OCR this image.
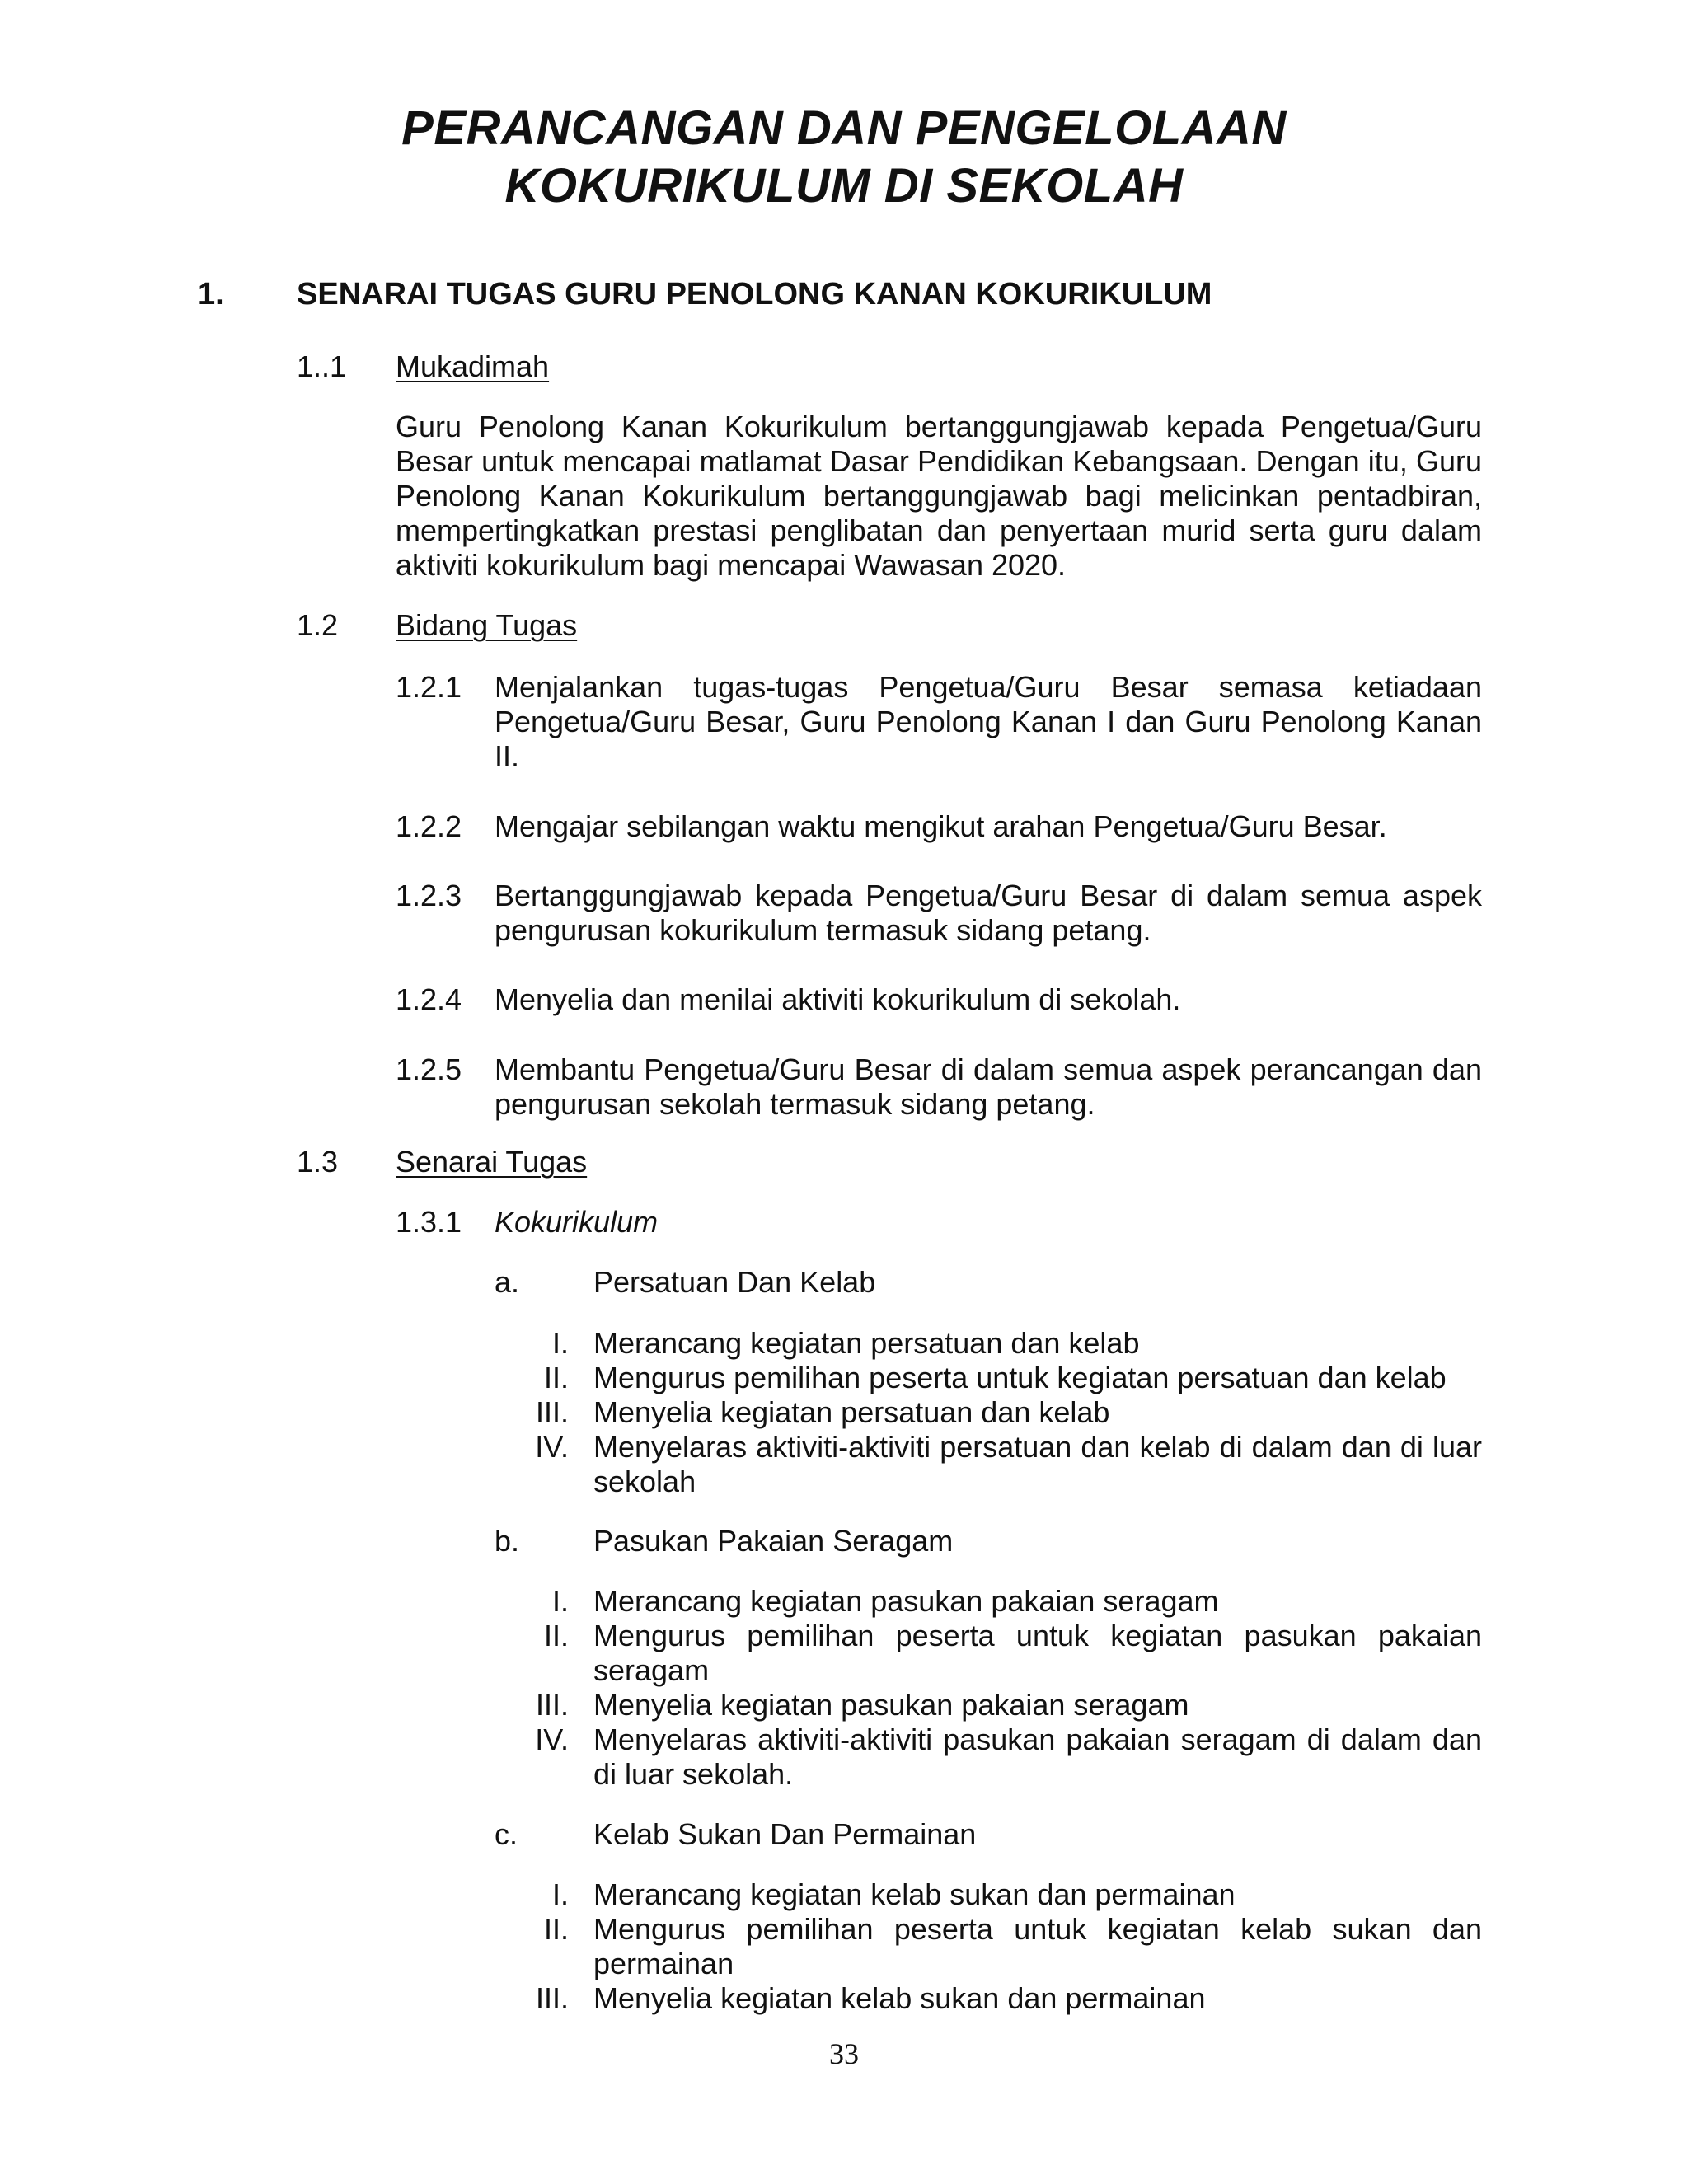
PERANCANGAN DAN PENGELOLAAN
KOKURIKULUM DI SEKOLAH
1. SENARAI TUGAS GURU PENOLONG KANAN KOKURIKULUM
1..1 Mukadimah
Guru Penolong Kanan Kokurikulum bertanggungjawab kepada Pengetua/Guru Besar untuk mencapai matlamat Dasar Pendidikan Kebangsaan. Dengan itu, Guru Penolong Kanan Kokurikulum bertanggungjawab bagi melicinkan pentadbiran, mempertingkatkan prestasi penglibatan dan penyertaan murid serta guru dalam aktiviti kokurikulum bagi mencapai Wawasan 2020.
1.2 Bidang Tugas
1.2.1 Menjalankan tugas-tugas Pengetua/Guru Besar semasa ketiadaan Pengetua/Guru Besar, Guru Penolong Kanan I dan Guru Penolong Kanan II.
1.2.2 Mengajar sebilangan waktu mengikut arahan Pengetua/Guru Besar.
1.2.3 Bertanggungjawab kepada Pengetua/Guru Besar di dalam semua aspek pengurusan kokurikulum termasuk sidang petang.
1.2.4 Menyelia dan menilai aktiviti kokurikulum di sekolah.
1.2.5 Membantu Pengetua/Guru Besar di dalam semua aspek perancangan dan pengurusan sekolah termasuk sidang petang.
1.3 Senarai Tugas
1.3.1 Kokurikulum
a. Persatuan Dan Kelab
I. Merancang kegiatan persatuan dan kelab
II. Mengurus pemilihan peserta untuk kegiatan persatuan dan kelab
III. Menyelia kegiatan persatuan dan kelab
IV. Menyelaras aktiviti-aktiviti persatuan dan kelab di dalam dan di luar sekolah
b. Pasukan Pakaian Seragam
I. Merancang kegiatan pasukan pakaian seragam
II. Mengurus pemilihan peserta untuk kegiatan pasukan pakaian seragam
III. Menyelia kegiatan pasukan pakaian seragam
IV. Menyelaras aktiviti-aktiviti pasukan pakaian seragam di dalam dan di luar sekolah.
c.	Kelab Sukan Dan Permainan
I. Merancang kegiatan kelab sukan dan permainan
II. Mengurus pemilihan peserta untuk kegiatan kelab sukan dan permainan
III. Menyelia kegiatan kelab sukan dan permainan
33
